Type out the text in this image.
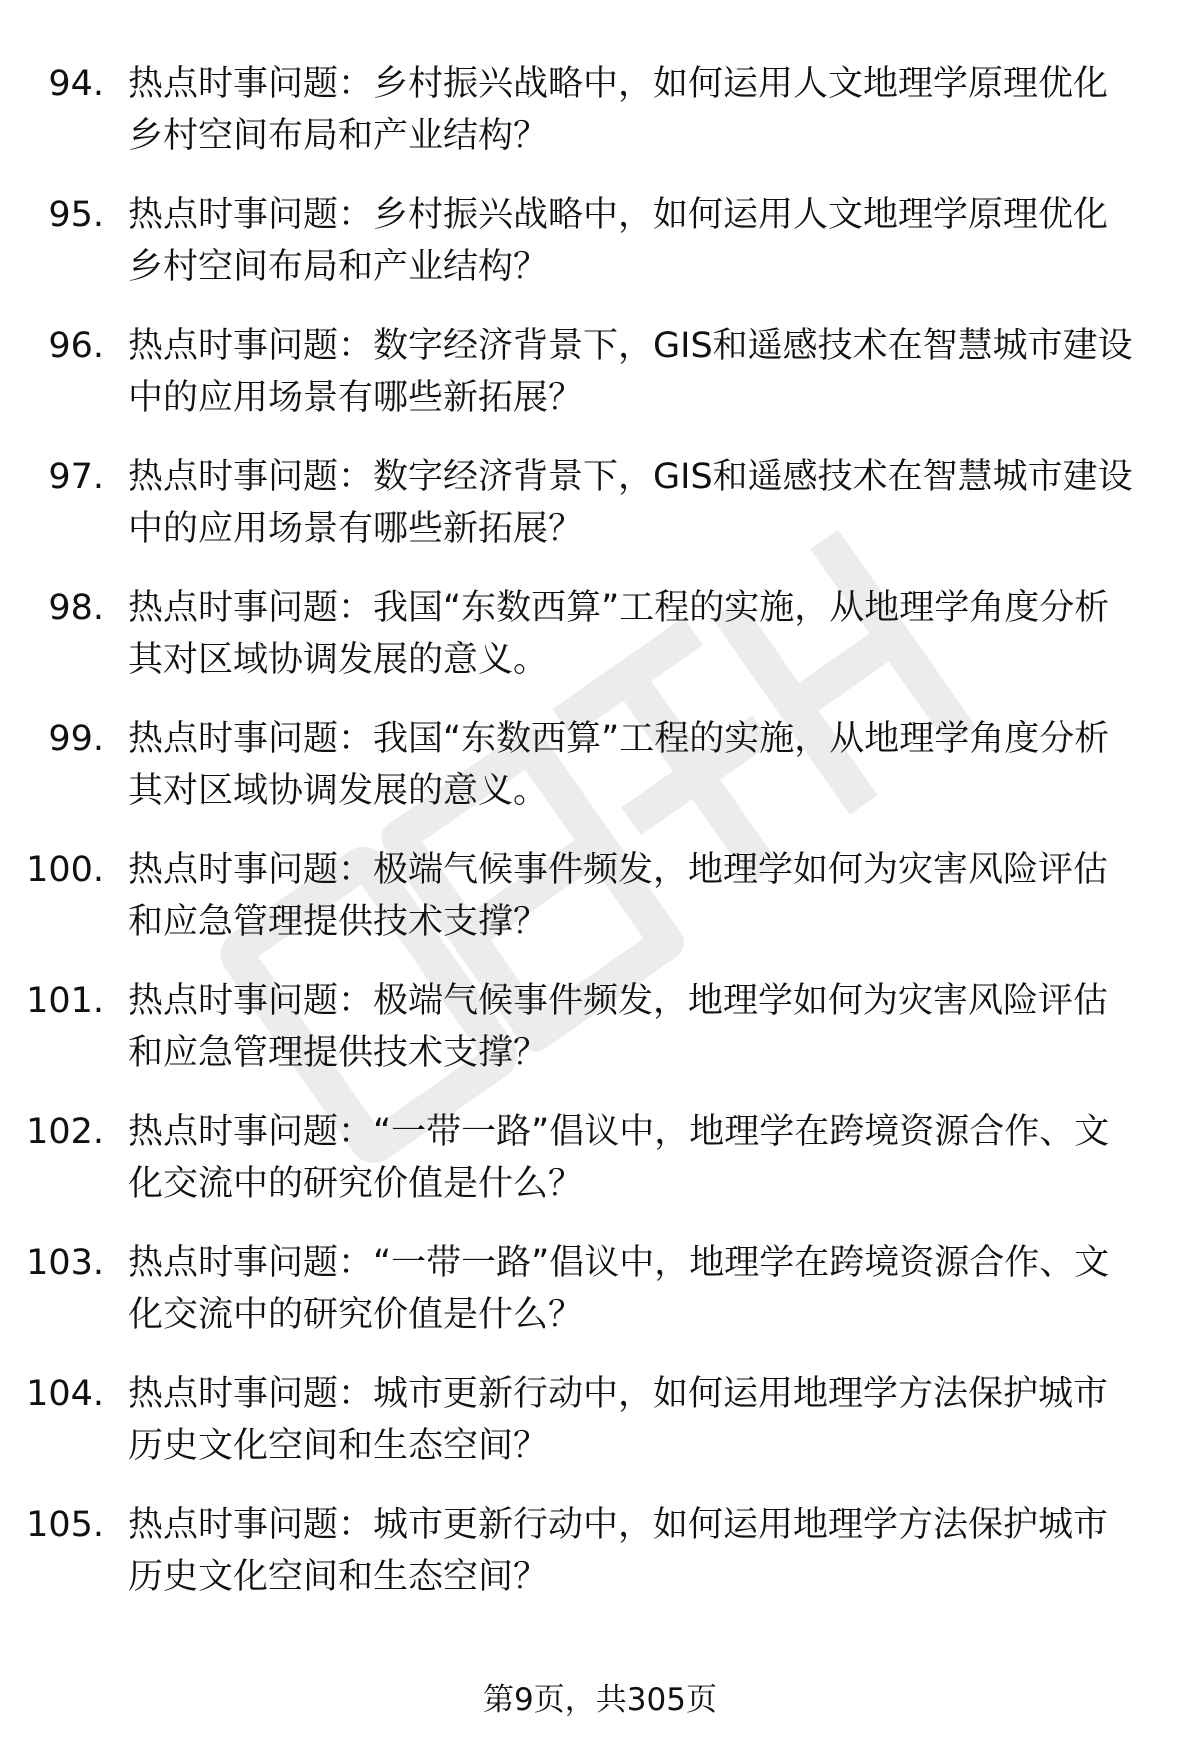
94. 热点时事问题：乡村振兴战略中，如何运用人文地理学原理优化乡村空间布局和产业结构？
95. 热点时事问题：乡村振兴战略中，如何运用人文地理学原理优化乡村空间布局和产业结构？
96. 热点时事问题：数字经济背景下，GIS和遥感技术在智慧城市建设中的应用场景有哪些新拓展？
97. 热点时事问题：数字经济背景下，GIS和遥感技术在智慧城市建设中的应用场景有哪些新拓展？
98. 热点时事问题：我国“东数西算”工程的实施，从地理学角度分析其对区域协调发展的意义。
99. 热点时事问题：我国“东数西算”工程的实施，从地理学角度分析其对区域协调发展的意义。
100. 热点时事问题：极端气候事件频发，地理学如何为灾害风险评估和应急管理提供技术支撑？
101. 热点时事问题：极端气候事件频发，地理学如何为灾害风险评估和应急管理提供技术支撑？
102. 热点时事问题：“一带一路”倡议中，地理学在跨境资源合作、文化交流中的研究价值是什么？
103. 热点时事问题：“一带一路”倡议中，地理学在跨境资源合作、文化交流中的研究价值是什么？
104. 热点时事问题：城市更新行动中，如何运用地理学方法保护城市历史文化空间和生态空间？
105. 热点时事问题：城市更新行动中，如何运用地理学方法保护城市历史文化空间和生态空间？
第9页，共305页
